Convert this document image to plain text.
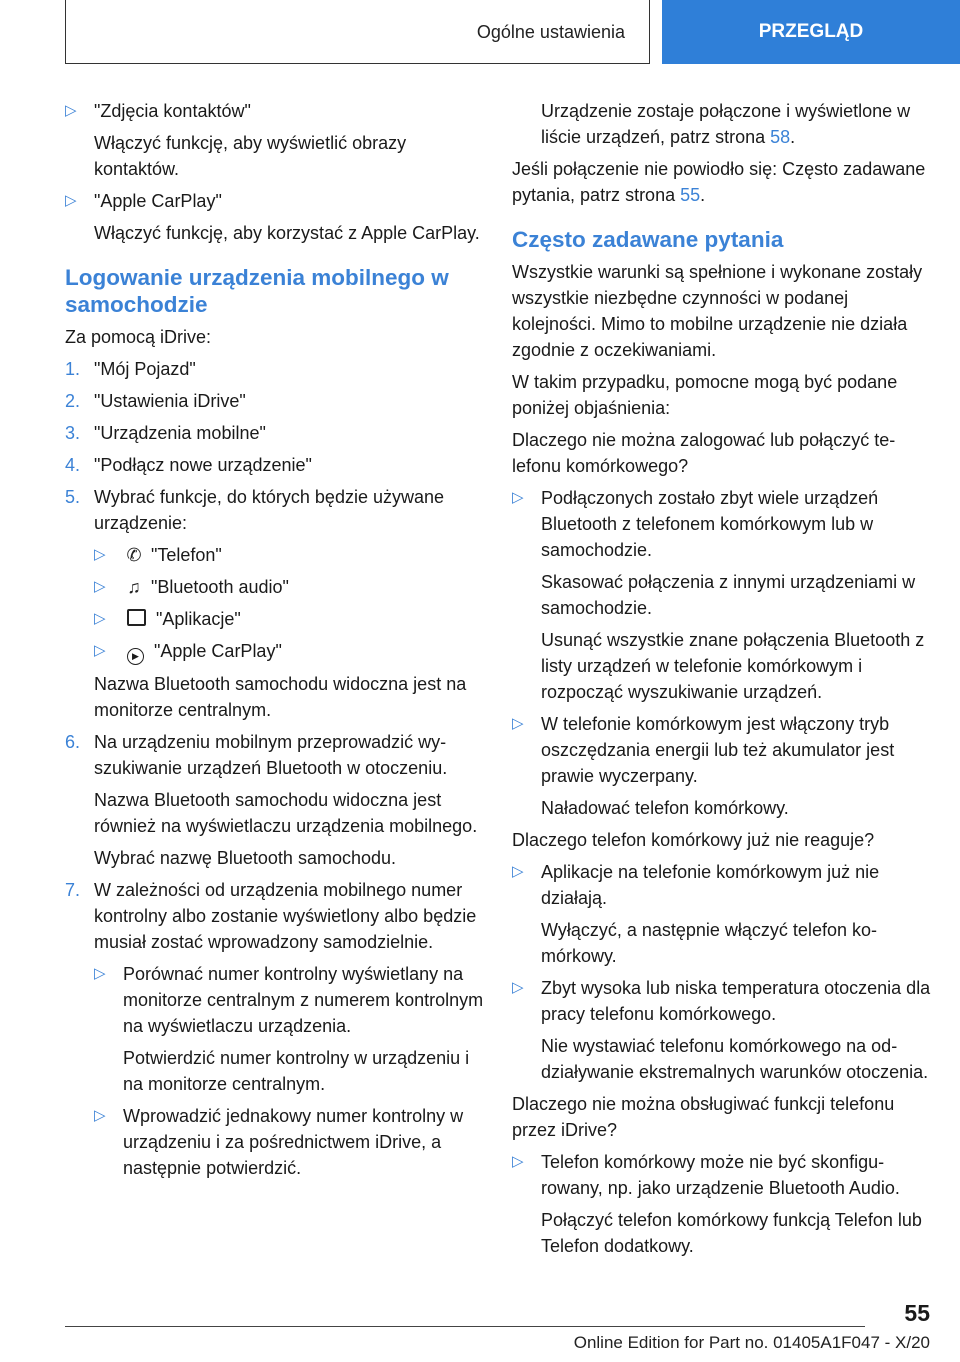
Ogólne ustawienia	PRZEGLĄD
▷ "Zdjęcia kontaktów"

Włączyć funkcję, aby wyświetlić obrazy kontaktów.

▷ "Apple CarPlay"

Włączyć funkcję, aby korzystać z Apple CarPlay.

Logowanie urządzenia mobilnego w samochodzie

Za pomocą iDrive:

1. "Mój Pojazd"
2. "Ustawienia iDrive"
3. "Urządzenia mobilne"
4. "Podłącz nowe urządzenie"
5. Wybrać funkcje, do których będzie używane urządzenie:
▷ ✆ "Telefon"
▷ ♫ "Bluetooth audio"
▷	"Aplikacje"
▷	▶ "Apple CarPlay"

Nazwa Bluetooth samochodu widoczna jest na monitorze centralnym.

6. Na urządzeniu mobilnym przeprowadzić wyszukiwanie urządzeń Bluetooth w otoczeniu.

Nazwa Bluetooth samochodu widoczna jest również na wyświetlaczu urządzenia mobilnego.

Wybrać nazwę Bluetooth samochodu.

7. W zależności od urządzenia mobilnego numer kontrolny albo zostanie wyświetlony albo będzie musiał zostać wprowadzony samodzielnie.
▷ Porównać numer kontrolny wyświetlany na monitorze centralnym z numerem kontrolnym na wyświetlaczu urządzenia.

Potwierdzić numer kontrolny w urządzeniu i na monitorze centralnym.

▷ Wprowadzić jednakowy numer kontrolny w urządzeniu i za pośrednictwem iDrive, a następnie potwierdzić.

Urządzenie zostaje połączone i wyświetlone w liście urządzeń, patrz strona 58.

Jeśli połączenie nie powiodło się: Często zadawane pytania, patrz strona 55.

Często zadawane pytania

Wszystkie warunki są spełnione i wykonane zostały wszystkie niezbędne czynności w podanej kolejności. Mimo to mobilne urządzenie nie działa zgodnie z oczekiwaniami.

W takim przypadku, pomocne mogą być podane poniżej objaśnienia:

Dlaczego nie można zalogować lub połączyć telefonu komórkowego?

▷ Podłączonych zostało zbyt wiele urządzeń Bluetooth z telefonem komórkowym lub w samochodzie.

Skasować połączenia z innymi urządzeniami w samochodzie.

Usunąć wszystkie znane połączenia Bluetooth z listy urządzeń w telefonie komórkowym i rozpocząć wyszukiwanie urządzeń.

▷ W telefonie komórkowym jest włączony tryb oszczędzania energii lub też akumulator jest prawie wyczerpany.

Naładować telefon komórkowy.

Dlaczego telefon komórkowy już nie reaguje?

▷ Aplikacje na telefonie komórkowym już nie działają.

Wyłączyć, a następnie włączyć telefon komórkowy.

▷ Zbyt wysoka lub niska temperatura otoczenia dla pracy telefonu komórkowego.

Nie wystawiać telefonu komórkowego na oddziaływanie ekstremalnych warunków otoczenia.

Dlaczego nie można obsługiwać funkcji telefonu przez iDrive?

▷ Telefon komórkowy może nie być skonfigurowany, np. jako urządzenie Bluetooth Audio.

Połączyć telefon komórkowy funkcją Telefon lub Telefon dodatkowy.

55
Online Edition for Part no. 01405A1F047 - X/20
